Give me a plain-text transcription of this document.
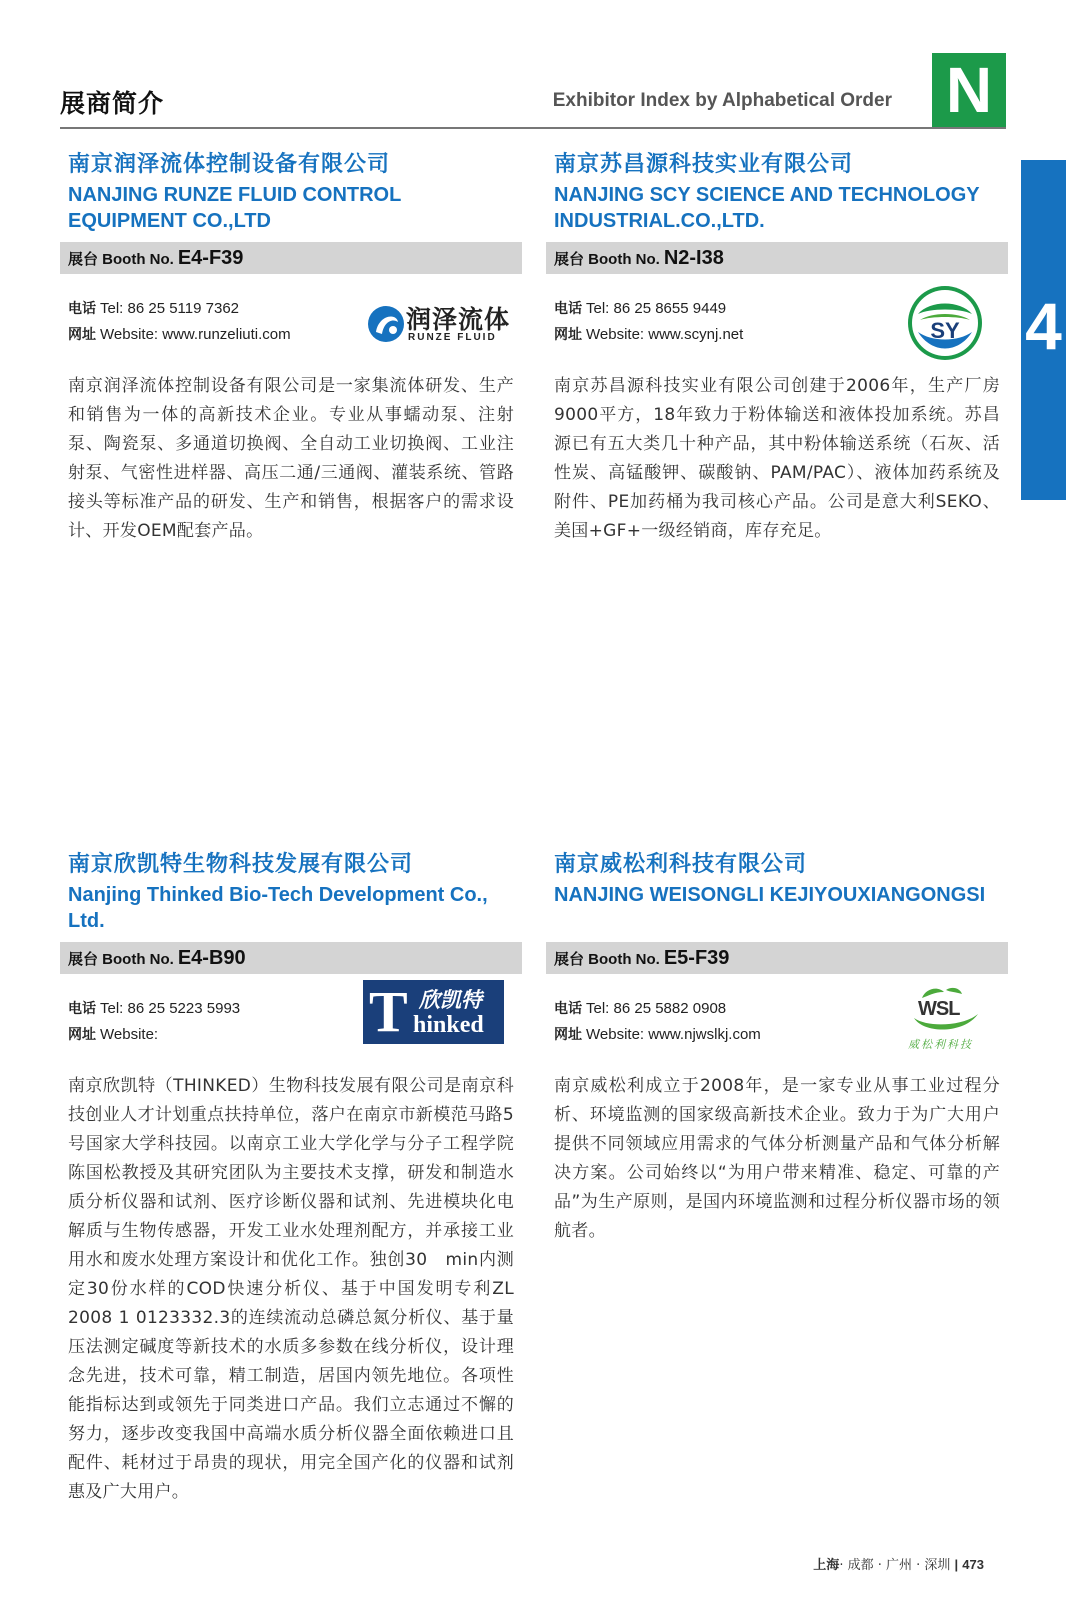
展商简介	Exhibitor Index by Alphabetical Order N
4
南京润泽流体控制设备有限公司
NANJING RUNZE FLUID CONTROL EQUIPMENT CO.,LTD
展台 Booth No. E4-F39
电话 Tel: 86 25 5119 7362
网址 Website: www.runzeliuti.com
润泽流体
RUNZE FLUID
南京润泽流体控制设备有限公司是一家集流体研发、生产和销售为一体的高新技术企业。专业从事蠕动泵、注射泵、陶瓷泵、多通道切换阀、全自动工业切换阀、工业注射泵、气密性进样器、高压二通/三通阀、灌装系统、管路接头等标准产品的研发、生产和销售，根据客户的需求设计、开发OEM配套产品。
南京苏昌源科技实业有限公司
NANJING SCY SCIENCE AND TECHNOLOGY INDUSTRIAL.CO.,LTD.
展台 Booth No. N2-I38
电话 Tel: 86 25 8655 9449
网址 Website: www.scynj.net	SY
南京苏昌源科技实业有限公司创建于2006年，生产厂房9000平方，18年致力于粉体输送和液体投加系统。苏昌源已有五大类几十种产品，其中粉体输送系统（石灰、活性炭、高锰酸钾、碳酸钠、PAM/PAC）、液体加药系统及附件、PE加药桶为我司核心产品。公司是意大利SEKO、美国+GF+一级经销商，库存充足。
南京欣凯特生物科技发展有限公司
Nanjing Thinked Bio-Tech Development Co., Ltd.
展台 Booth No. E4-B90
电话 Tel: 86 25 5223 5993
网址 Website:	T 欣凯特
hinked
南京欣凯特（THINKED）生物科技发展有限公司是南京科技创业人才计划重点扶持单位，落户在南京市新模范马路5号国家大学科技园。以南京工业大学化学与分子工程学院陈国松教授及其研究团队为主要技术支撑，研发和制造水质分析仪器和试剂、医疗诊断仪器和试剂、先进模块化电解质与生物传感器，开发工业水处理剂配方，并承接工业用水和废水处理方案设计和优化工作。独创30　min内测定30份水样的COD快速分析仪、基于中国发明专利ZL 2008 1 0123332.3的连续流动总磷总氮分析仪、基于量压法测定碱度等新技术的水质多参数在线分析仪，设计理念先进，技术可靠，精工制造，居国内领先地位。各项性能指标达到或领先于同类进口产品。我们立志通过不懈的努力，逐步改变我国中高端水质分析仪器全面依赖进口且配件、耗材过于昂贵的现状，用完全国产化的仪器和试剂惠及广大用户。
南京威松利科技有限公司
NANJING WEISONGLI KEJIYOUXIANGONGSI
展台 Booth No. E5-F39
电话 Tel: 86 25 5882 0908
网址 Website: www.njwslkj.com
WSL
威松利科技
南京威松利成立于2008年，是一家专业从事工业过程分析、环境监测的国家级高新技术企业。致力于为广大用户提供不同领域应用需求的气体分析测量产品和气体分析解决方案。公司始终以“为用户带来精准、稳定、可靠的产品”为生产原则，是国内环境监测和过程分析仪器市场的领航者。
上海· 成都 · 广州 · 深圳 | 473
